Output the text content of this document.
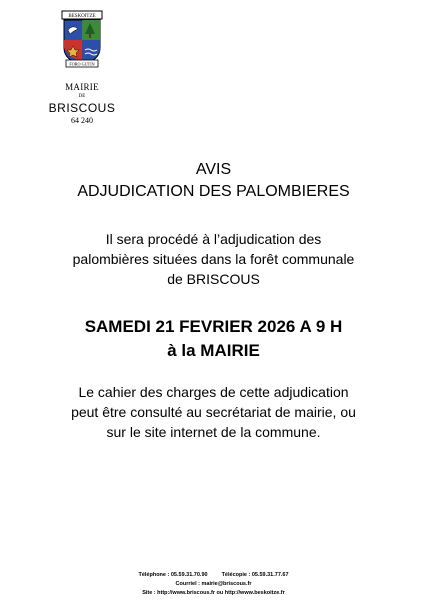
BESKOITZE
FORO GUTIN
MAIRIE
DE
BRISCOUS
64 240
AVIS
ADJUDICATION DES PALOMBIERES
Il sera procédé à l’adjudication des
palombières situées dans la forêt communale
de BRISCOUS
SAMEDI 21 FEVRIER 2026 A 9 H
à la MAIRIE
Le cahier des charges de cette adjudication
peut être consulté au secrétariat de mairie, ou
sur le site internet de la commune.
Téléphone : 05.59.31.70.90	Télécopie : 05.59.31.77.67
Courriel : mairie@briscous.fr
Site : http://www.briscous.fr ou http://www.beskoitze.fr
